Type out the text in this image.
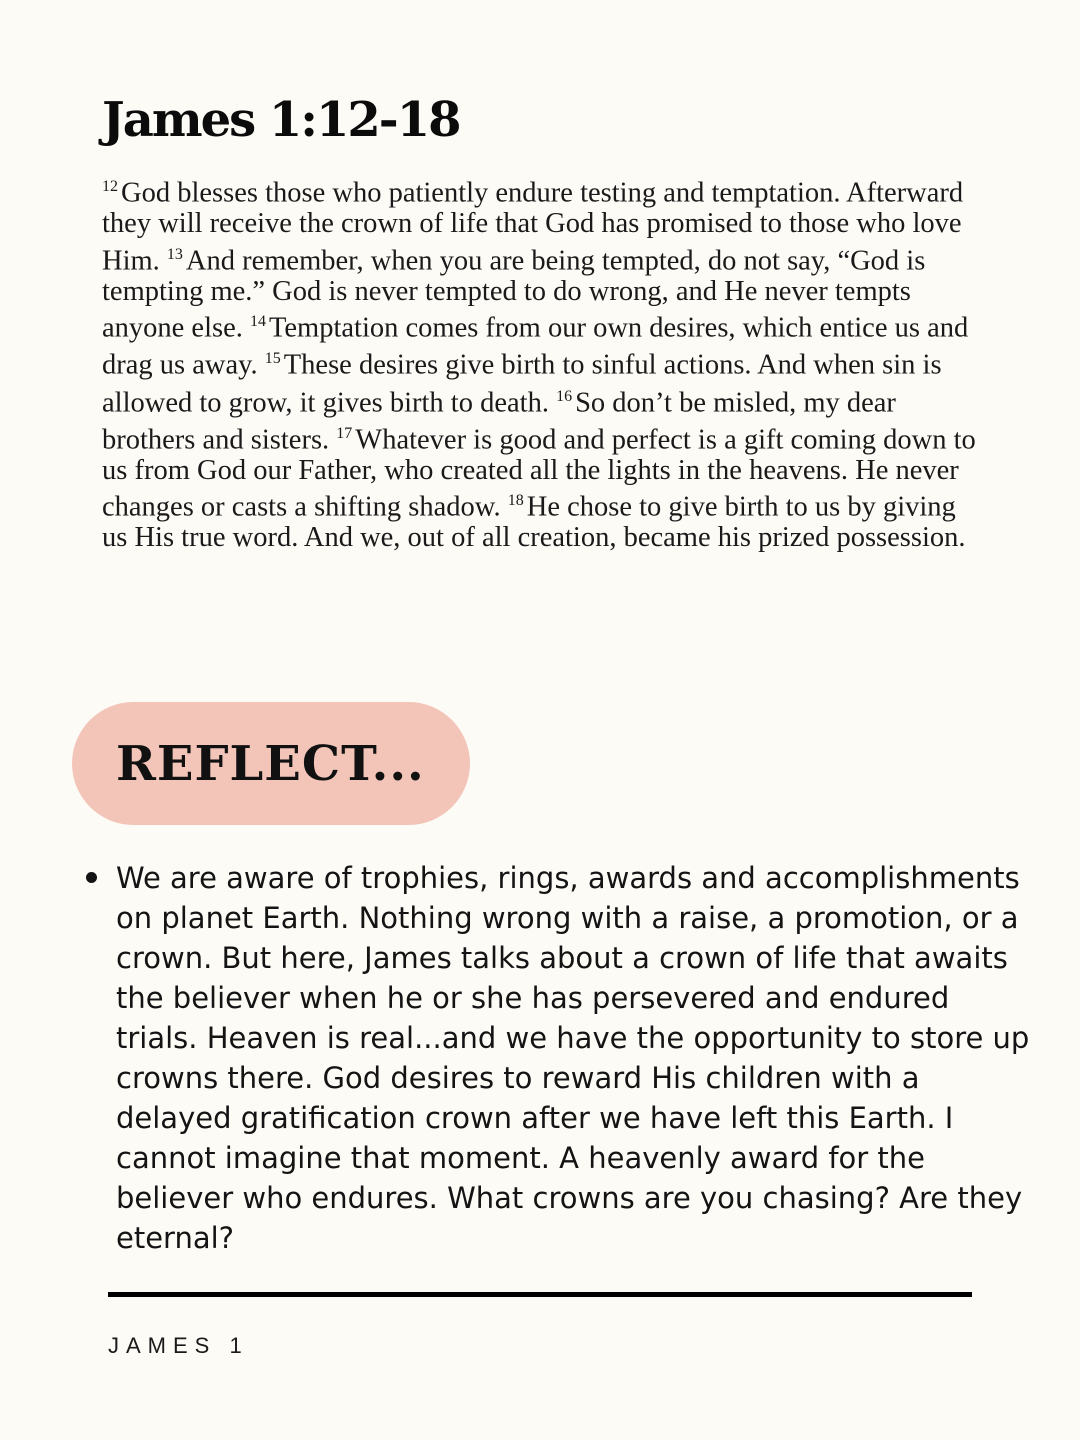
James 1:12-18

$^{12}$ God blesses those who patiently endure testing and temptation. Afterward they will receive the crown of life that God has promised to those who love Him. $^{13}$ And remember, when you are being tempted, do not say, “God is tempting me.” God is never tempted to do wrong, and He never tempts anyone else. $^{14}$ Temptation comes from our own desires, which entice us and drag us away. $^{15}$ These desires give birth to sinful actions. And when sin is allowed to grow, it gives birth to death. $^{16}$ So don’t be misled, my dear brothers and sisters. $^{17}$ Whatever is good and perfect is a gift coming down to us from God our Father, who created all the lights in the heavens. He never changes or casts a shifting shadow. $^{18}$ He chose to give birth to us by giving us His true word. And we, out of all creation, became his prized possession.

REFLECT...
We are aware of trophies, rings, awards and accomplishments on planet Earth. Nothing wrong with a raise, a promotion, or a crown. But here, James talks about a crown of life that awaits the believer when he or she has persevered and endured trials. Heaven is real...and we have the opportunity to store up crowns there. God desires to reward His children with a delayed gratification crown after we have left this Earth. I cannot imagine that moment. A heavenly award for the believer who endures. What crowns are you chasing? Are they eternal?
JAMES 1
